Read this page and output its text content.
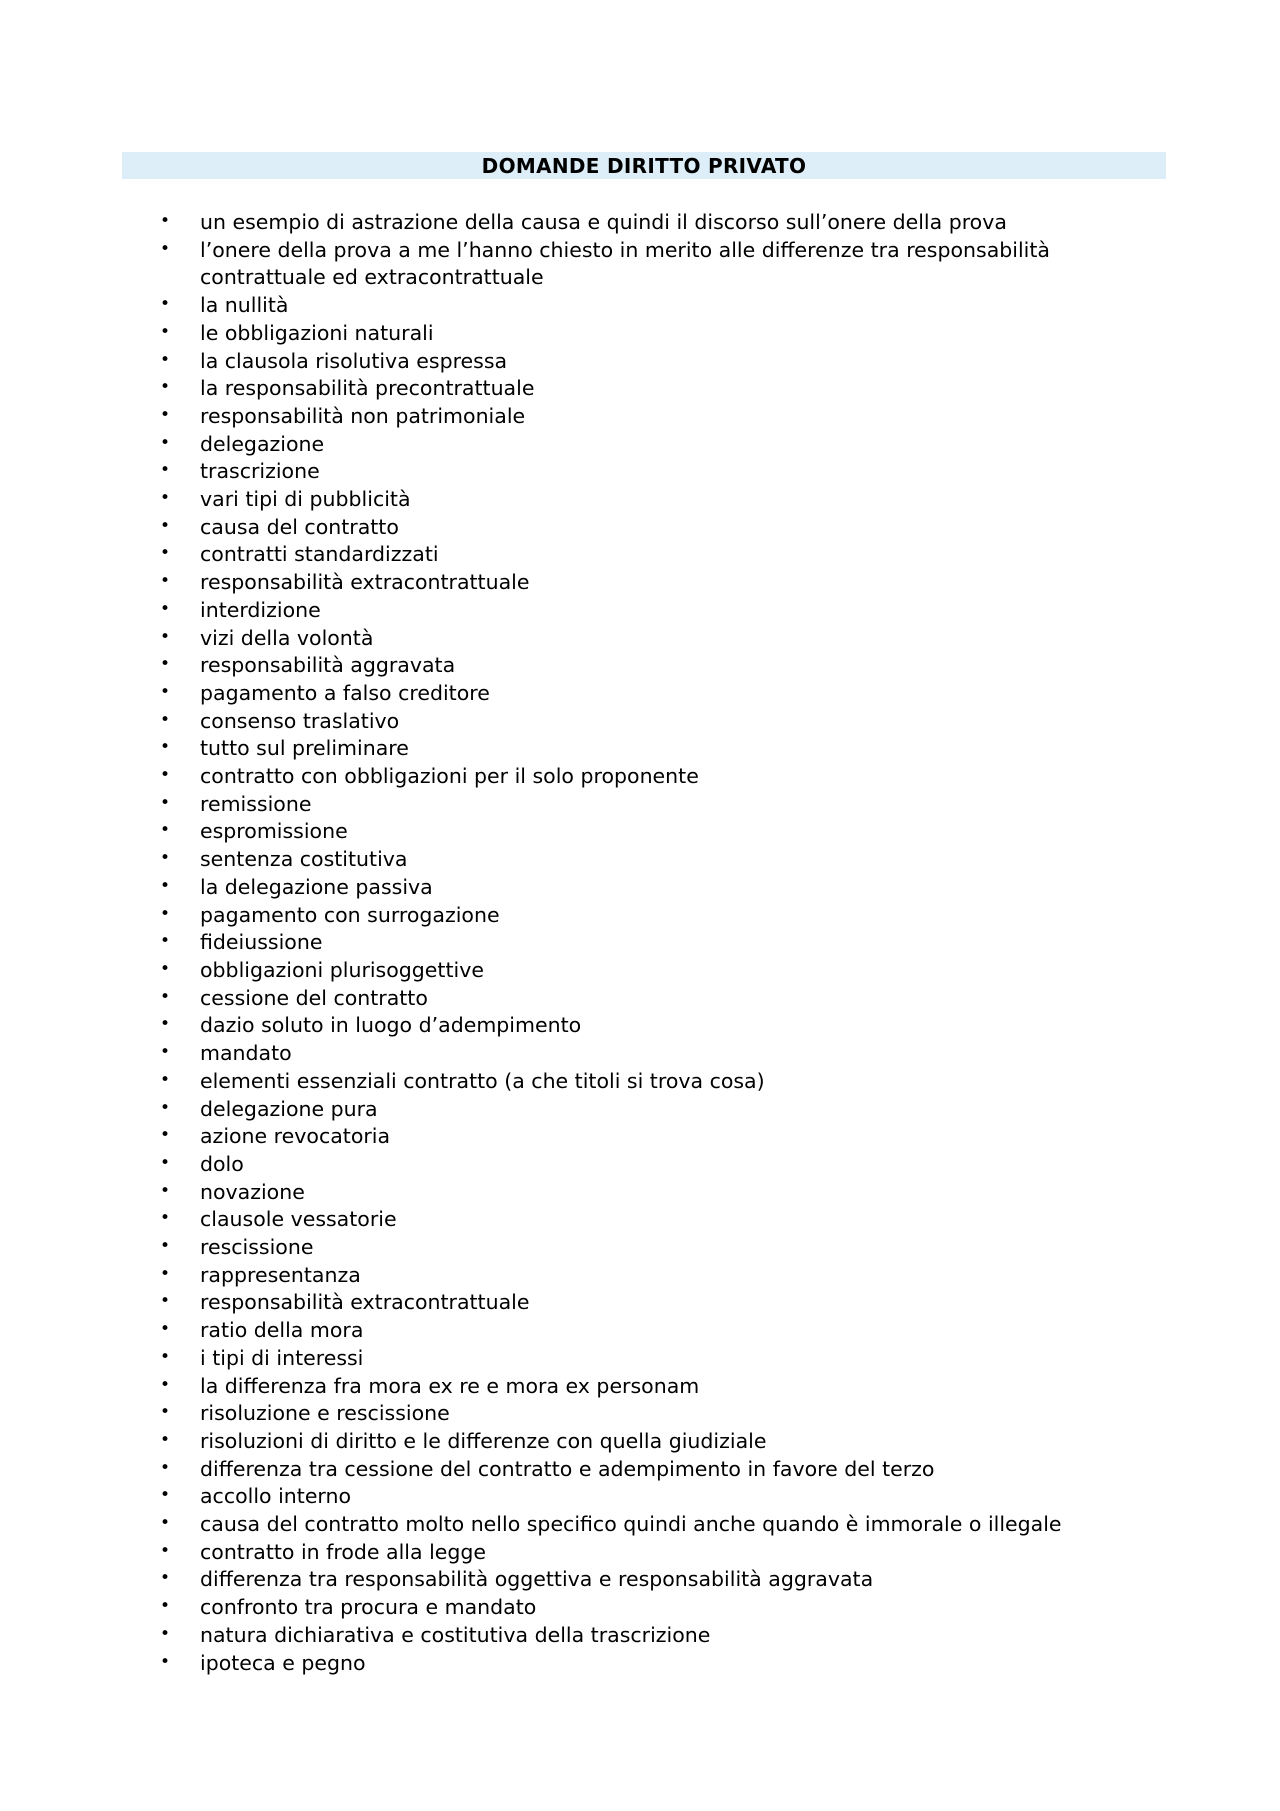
DOMANDE DIRITTO PRIVATO
• un esempio di astrazione della causa e quindi il discorso sull’onere della prova
• l’onere della prova a me l’hanno chiesto in merito alle differenze tra responsabilità contrattuale ed extracontrattuale
• la nullità
• le obbligazioni naturali
• la clausola risolutiva espressa
• la responsabilità precontrattuale
• responsabilità non patrimoniale
• delegazione
• trascrizione
• vari tipi di pubblicità
• causa del contratto
• contratti standardizzati
• responsabilità extracontrattuale
• interdizione
• vizi della volontà
• responsabilità aggravata
• pagamento a falso creditore
• consenso traslativo
• tutto sul preliminare
• contratto con obbligazioni per il solo proponente
• remissione
• espromissione
• sentenza costitutiva
• la delegazione passiva
• pagamento con surrogazione
• fideiussione
• obbligazioni plurisoggettive
• cessione del contratto
• dazio soluto in luogo d’adempimento
• mandato
• elementi essenziali contratto (a che titoli si trova cosa)
• delegazione pura
• azione revocatoria
• dolo
• novazione
• clausole vessatorie
• rescissione
• rappresentanza
• responsabilità extracontrattuale
• ratio della mora
• i tipi di interessi
• la differenza fra mora ex re e mora ex personam
• risoluzione e rescissione
• risoluzioni di diritto e le differenze con quella giudiziale
• differenza tra cessione del contratto e adempimento in favore del terzo
• accollo interno
• causa del contratto molto nello specifico quindi anche quando è immorale o illegale
• contratto in frode alla legge
• differenza tra responsabilità oggettiva e responsabilità aggravata
• confronto tra procura e mandato
• natura dichiarativa e costitutiva della trascrizione
• ipoteca e pegno
